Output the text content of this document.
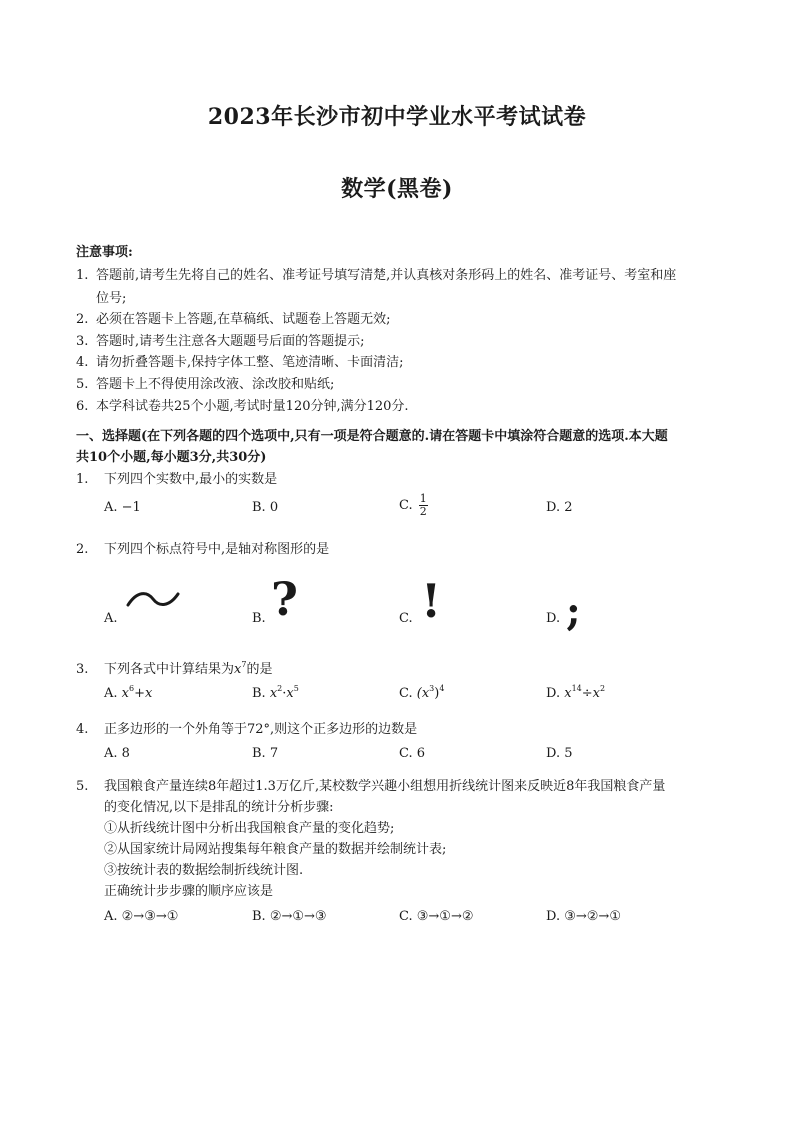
2023年长沙市初中学业水平考试试卷
数学(黑卷)
注意事项:
1. 答题前,请考生先将自己的姓名、准考证号填写清楚,并认真核对条形码上的姓名、准考证号、考室和座
位号;
2. 必须在答题卡上答题,在草稿纸、试题卷上答题无效;
3. 答题时,请考生注意各大题题号后面的答题提示;
4. 请勿折叠答题卡,保持字体工整、笔迹清晰、卡面清洁;
5. 答题卡上不得使用涂改液、涂改胶和贴纸;
6. 本学科试卷共25个小题,考试时量120分钟,满分120分.
一、选择题(在下列各题的四个选项中,只有一项是符合题意的.请在答题卡中填涂符合题意的选项.本大题
共10个小题,每小题3分,共30分)
1. 下列四个实数中,最小的实数是
A. −1	B. 0	C. $\frac{1}{2}$	D. 2
2. 下列四个标点符号中,是轴对称图形的是
A.	B. ?	C. !	D. ;
3. 下列各式中计算结果为$x^7$的是
A. $x^6+x$	B. $x^2\cdot x^5$	C. $(x^3)^4$	D. $x^{14}\div x^2$
4. 正多边形的一个外角等于72°,则这个正多边形的边数是
A. 8	B. 7	C. 6	D. 5
5. 我国粮食产量连续8年超过1.3万亿斤,某校数学兴趣小组想用折线统计图来反映近8年我国粮食产量
的变化情况,以下是排乱的统计分析步骤:
①从折线统计图中分析出我国粮食产量的变化趋势;
②从国家统计局网站搜集每年粮食产量的数据并绘制统计表;
③按统计表的数据绘制折线统计图.
正确统计步步骤的顺序应该是
A. ②→③→①	B. ②→①→③	C. ③→①→②	D. ③→②→①
